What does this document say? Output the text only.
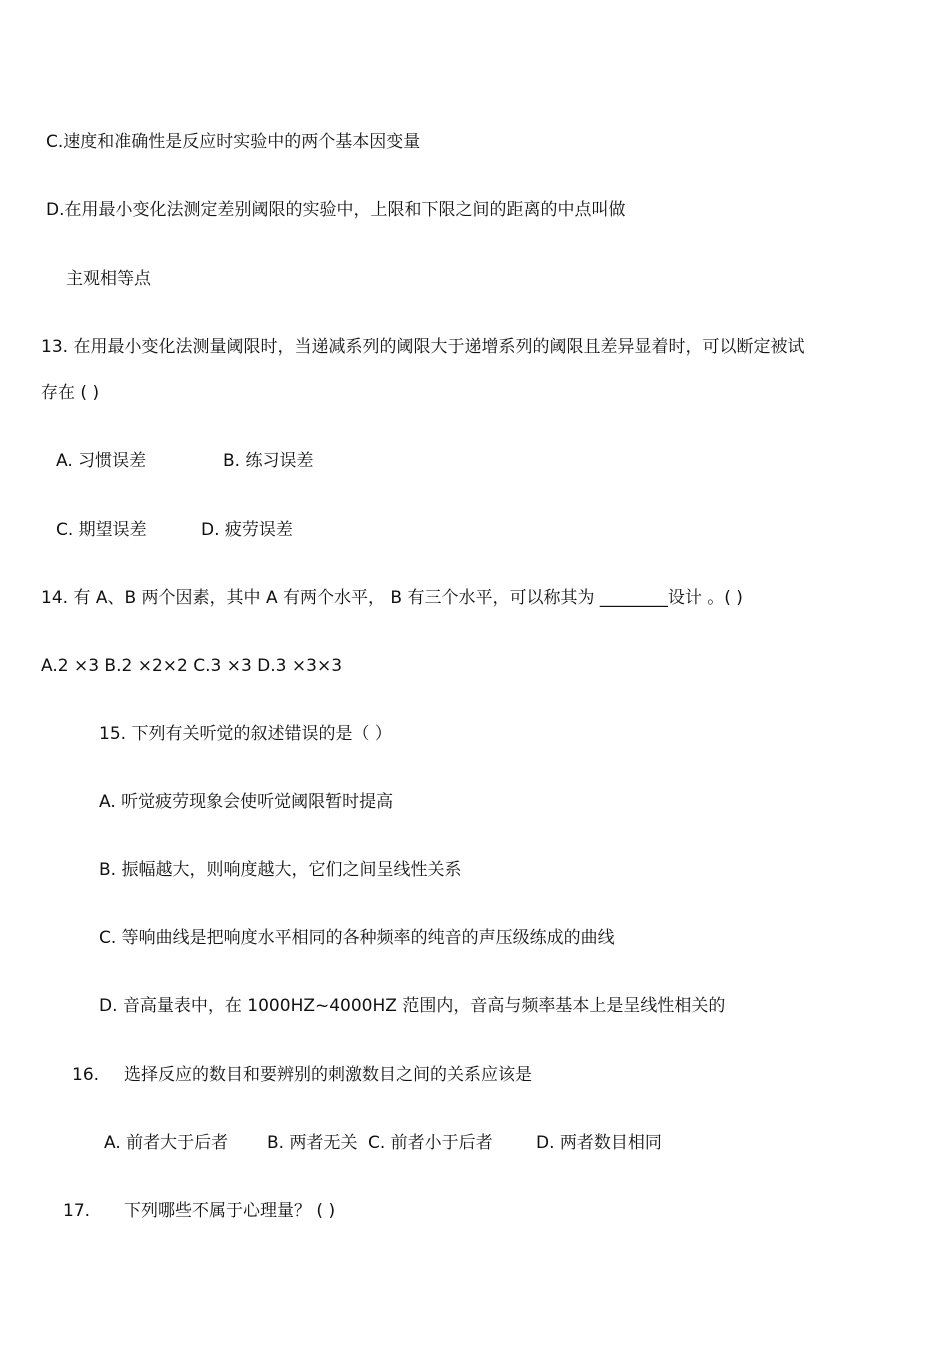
C.速度和准确性是反应时实验中的两个基本因变量
D.在用最小变化法测定差别阈限的实验中，上限和下限之间的距离的中点叫做
主观相等点
13. 在用最小变化法测量阈限时，当递减系列的阈限大于递增系列的阈限且差异显着时，可以断定被试
存在 ( )
A. 习惯误差	B. 练习误差
C. 期望误差	D. 疲劳误差
14. 有 A、B 两个因素，其中 A 有两个水平， B 有三个水平，可以称其为 ________设计 。( )
A.2 ×3 B.2 ×2×2 C.3 ×3 D.3 ×3×3
15. 下列有关听觉的叙述错误的是（ ）
A. 听觉疲劳现象会使听觉阈限暂时提高
B. 振幅越大，则响度越大，它们之间呈线性关系
C. 等响曲线是把响度水平相同的各种频率的纯音的声压级练成的曲线
D. 音高量表中，在 1000HZ~4000HZ 范围内，音高与频率基本上是呈线性相关的
16. 选择反应的数目和要辨别的刺激数目之间的关系应该是
A. 前者大于后者 B. 两者无关 C. 前者小于后者	D. 两者数目相同
17. 下列哪些不属于心理量？ ( )
